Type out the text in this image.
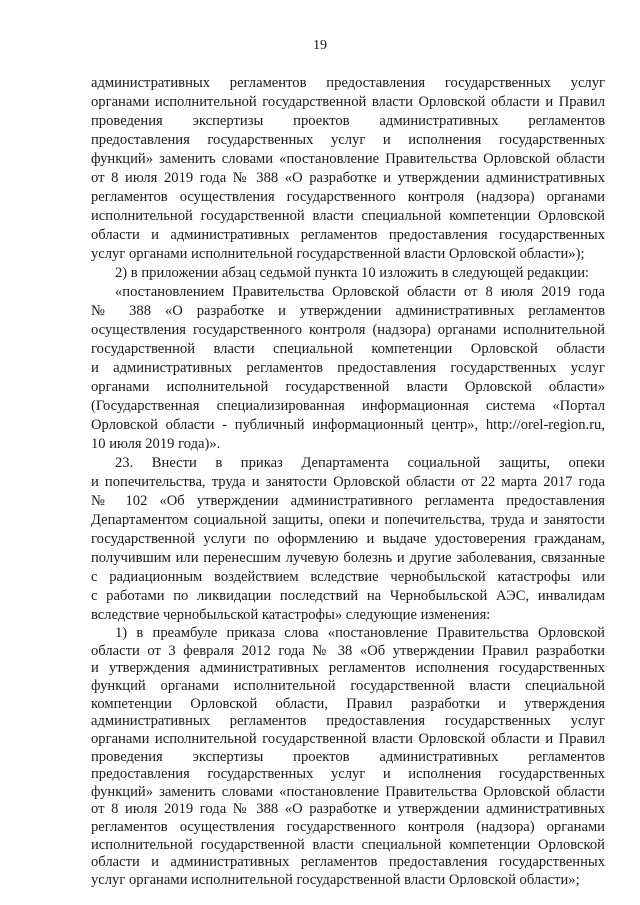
19
административных регламентов предоставления государственных услуг
органами исполнительной государственной власти Орловской области и Правил
проведения экспертизы проектов административных регламентов
предоставления государственных услуг и исполнения государственных
функций» заменить словами «постановление Правительства Орловской области
от 8 июля 2019 года № 388 «О разработке и утверждении административных
регламентов осуществления государственного контроля (надзора) органами
исполнительной государственной власти специальной компетенции Орловской
области и административных регламентов предоставления государственных
услуг органами исполнительной государственной власти Орловской области»);
2) в приложении абзац седьмой пункта 10 изложить в следующей редакции:
«постановлением Правительства Орловской области от 8 июля 2019 года
№ 388 «О разработке и утверждении административных регламентов
осуществления государственного контроля (надзора) органами исполнительной
государственной власти специальной компетенции Орловской области
и административных регламентов предоставления государственных услуг
органами исполнительной государственной власти Орловской области»
(Государственная специализированная информационная система «Портал
Орловской области - публичный информационный центр», http://orel-region.ru,
10 июля 2019 года)».
23. Внести в приказ Департамента социальной защиты, опеки
и попечительства, труда и занятости Орловской области от 22 марта 2017 года
№ 102 «Об утверждении административного регламента предоставления
Департаментом социальной защиты, опеки и попечительства, труда и занятости
государственной услуги по оформлению и выдаче удостоверения гражданам,
получившим или перенесшим лучевую болезнь и другие заболевания, связанные
с радиационным воздействием вследствие чернобыльской катастрофы или
с работами по ликвидации последствий на Чернобыльской АЭС, инвалидам
вследствие чернобыльской катастрофы» следующие изменения:
1) в преамбуле приказа слова «постановление Правительства Орловской
области от 3 февраля 2012 года № 38 «Об утверждении Правил разработки
и утверждения административных регламентов исполнения государственных
функций органами исполнительной государственной власти специальной
компетенции Орловской области, Правил разработки и утверждения
административных регламентов предоставления государственных услуг
органами исполнительной государственной власти Орловской области и Правил
проведения экспертизы проектов административных регламентов
предоставления государственных услуг и исполнения государственных
функций» заменить словами «постановление Правительства Орловской области
от 8 июля 2019 года № 388 «О разработке и утверждении административных
регламентов осуществления государственного контроля (надзора) органами
исполнительной государственной власти специальной компетенции Орловской
области и административных регламентов предоставления государственных
услуг органами исполнительной государственной власти Орловской области»;
